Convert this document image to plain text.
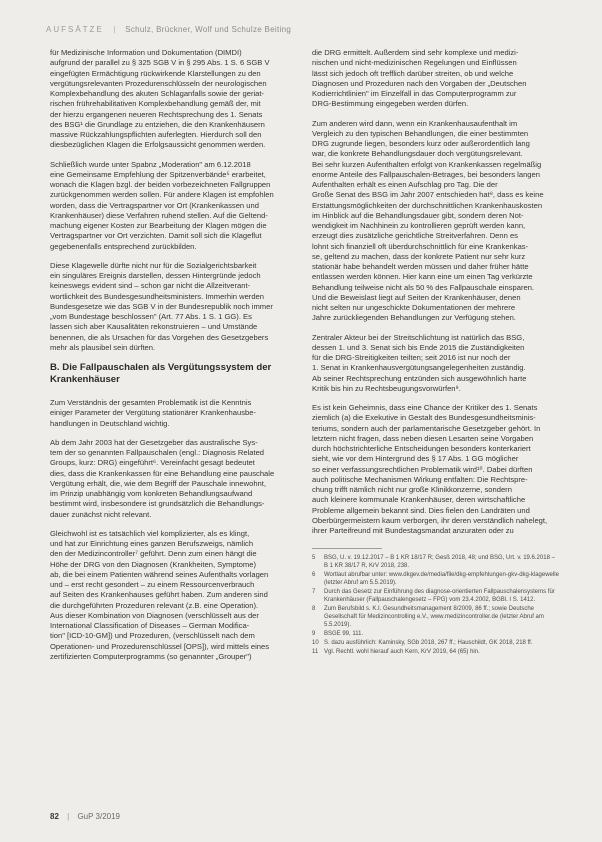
AUFSÄTZE | Schulz, Brückner, Wolf und Schulze Beiting
für Medizinische Information und Dokumentation (DIMDI)
aufgrund der parallel zu § 325 SGB V in § 295 Abs. 1 S. 6 SGB V
eingefügten Ermächtigung rückwirkende Klarstellungen zu den
vergütungsrelevanten Prozedurenschlüsseln der neurologischen
Komplexbehandlung des akuten Schlaganfalls sowie der geriat-
rischen frührehabilitativen Komplexbehandlung gemäß der, mit
der hierzu ergangenen neueren Rechtsprechung des 1. Senats
des BSG¹ die Grundlage zu entziehen, die den Krankenhäusern
massive Rückzahlungspflichten auferlegten. Hierdurch soll den
diesbezüglichen Klagen die Erfolgsaussicht genommen werden.
Schließlich wurde unter Spabnz „Moderation" am 6.12.2018
eine Gemeinsame Empfehlung der Spitzenverbände⁵ erarbeitet,
wonach die Klagen bzgl. der beiden vorbezeichneten Fallgruppen
zurückgenommen werden sollen. Für andere Klagen ist empfohlen
worden, dass die Vertragspartner vor Ort (Krankenkassen und
Krankenhäuser) diese Verfahren ruhend stellen. Auf die Geltend-
machung eigener Kosten zur Bearbeitung der Klagen mögen die
Vertragspartner vor Ort verzichten. Damit soll sich die Klageflut
gegebenenfalls entsprechend zurückbilden.
Diese Klagewelle dürfte nicht nur für die Sozialgerichtsbarkeit
ein singuläres Ereignis darstellen, dessen Hintergründe jedoch
keineswegs evident sind – schon gar nicht die Allzeitverant-
wortlichkeit des Bundesgesundheitsministers. Immerhin werden
Bundesgesetze wie das SGB V in der Bundesrepublik noch immer
„vom Bundestage beschlossen" (Art. 77 Abs. 1 S. 1 GG). Es
lassen sich aber Kausalitäten rekonstruieren – und Umstände
benennen, die als Ursachen für das Vorgehen des Gesetzgebers
mehr als plausibel sein dürften.
B. Die Fallpauschalen als Vergütungssystem der Krankenhäuser
Zum Verständnis der gesamten Problematik ist die Kenntnis
einiger Parameter der Vergütung stationärer Krankenhausbe-
handlungen in Deutschland wichtig.
Ab dem Jahr 2003 hat der Gesetzgeber das australische Sys-
tem der so genannten Fallpauschalen (engl.: Diagnosis Related
Groups, kurz: DRG) eingeführt⁶. Vereinfacht gesagt bedeutet
dies, dass die Krankenkassen für eine Behandlung eine pauschale
Vergütung erhält, die, wie dem Begriff der Pauschale innewohnt,
im Prinzip unabhängig vom konkreten Behandlungsaufwand
bestimmt wird, insbesondere ist grundsätzlich die Behandlungs-
dauer zunächst nicht relevant.
Gleichwohl ist es tatsächlich viel komplizierter, als es klingt,
und hat zur Einrichtung eines ganzen Berufszweigs, nämlich
den der Medizincontroller⁷ geführt. Denn zum einen hängt die
Höhe der DRG von den Diagnosen (Krankheiten, Symptome)
ab, die bei einem Patienten während seines Aufenthalts vorlagen
und – erst recht gesondert – zu einem Ressourcenverbrauch
auf Seiten des Krankenhauses geführt haben. Zum anderen sind
die durchgeführten Prozeduren relevant (z.B. eine Operation).
Aus dieser Kombination von Diagnosen (verschlüsselt aus der
International Classification of Diseases – German Modifica-
tion" [ICD-10-GM]) und Prozeduren, (verschlüsselt nach dem
Operationen- und Prozedurenschlüssel [OPS]), wird mittels eines
zertifizierten Computerprogramms (so genannter „Grouper")
die DRG ermittelt. Außerdem sind sehr komplexe und medizi-
nischen und nicht-medizinischen Regelungen und Einflüssen
lässt sich jedoch oft trefflich darüber streiten, ob und welche
Diagnosen und Prozeduren nach den Vorgaben der „Deutschen
Kodierrichtlinien" im Einzelfall in das Computerprogramm zur
DRG-Bestimmung eingegeben werden dürfen.
Zum anderen wird dann, wenn ein Krankenhausaufenthalt im
Vergleich zu den typischen Behandlungen, die einer bestimmten
DRG zugrunde liegen, besonders kurz oder außerordentlich lang
war, die konkrete Behandlungsdauer doch vergütungsrelevant.
Bei sehr kurzen Aufenthalten erfolgt von Krankenkassen regelmäßig
enorme Anteile des Fallpauschalen-Betrages, bei besonders langen
Aufenthalten erhält es einen Aufschlag pro Tag. Die der
Große Senat des BSG im Jahr 2007 entschieden hat⁸, dass es keine
Erstattungsmöglichkeiten der durchschnittlichen Krankenhauskosten
im Hinblick auf die Behandlungsdauer gibt, sondern deren Not-
wendigkeit im Nachhinein zu kontrollieren geprüft werden kann,
erzeugt dies zusätzliche gerichtliche Streitverfahren. Denn es
lohnt sich finanziell oft überdurchschnittlich für eine Krankenkas-
se, geltend zu machen, dass der konkrete Patient nur sehr kurz
stationär habe behandelt werden müssen und daher früher hätte
entlassen werden können. Hier kann eine um einen Tag verkürzte
Behandlung teilweise nicht als 50 % des Fallpauschale einsparen.
Und die Beweislast liegt auf Seiten der Krankenhäuser, denen
nicht selten nur ungeschickte Dokumentationen der mehrere
Jahre zurückliegenden Behandlungen zur Verfügung stehen.
Zentraler Akteur bei der Streitschlichtung ist natürlich das BSG,
dessen 1. und 3. Senat sich bis Ende 2015 die Zuständigkeiten
für die DRG-Streitigkeiten teilten; seit 2016 ist nur noch der
1. Senat in Krankenhausvergütungsangelegenheiten zuständig.
Ab seiner Rechtsprechung entzünden sich ausgewöhnlich harte
Kritik bis hin zu Rechtsbeugungsvorwürfen⁹.
Es ist kein Geheimnis, dass eine Chance der Kritiker des 1. Senats
ziemlich (a) die Exekutive in Gestalt des Bundesgesundheitsminis-
teriums, sondern auch der parlamentarische Gesetzgeber gehört. In
letztern nicht fragen, dass neben diesen Lesarten seine Vorgaben
durch höchstrichterliche Entscheidungen besonders konterkariert
sieht, wie vor dem Hintergrund des § 17 Abs. 1 GG möglicher
so einer verfassungsrechtlichen Problematik wird¹⁰. Dabei dürften
auch politische Mechanismen Wirkung entfalten: Die Rechtspre-
chung trifft nämlich nicht nur große Klinikkonzerne, sondern
auch kleinere kommunale Krankenhäuser, deren wirtschaftliche
Probleme allgemein bekannt sind. Dies fielen den Landräten und
Oberbürgermeistern kaum verborgen, ihr deren verständlich nahelegt,
ihrer Parteifreund mit Bundestagsmandat anzuraten oder zu
5	BSG, U. v. 19.12.2017 – B 1 KR 18/17 R; Gesß 2018, 48; und BSG, Urt. v. 19.6.2018 – B 1 KR 38/17 R, KrV 2018, 238.
6	Wortlaut abrufbar unter: www.dkgev.de/media/file/dkg-empfehlungen-gkv-dkg-klagewelle (letzter Abruf am 5.5.2019).
7	Durch das Gesetz zur Einführung des diagnose-orientierten Fallpauschalensystems für Krankenhäuser (Fallpauschalengesetz – FPG) vom 23.4.2002, BGBl. I S. 1412.
8	Zum Berufsbild s. K.I. Gesundheitsmanagement 8/2009, 86 ff.; sowie Deutsche Gesellschaft für Medizincontrolling e.V., www.medizincontroller.de (letzter Abruf am 5.5.2019).
9	BSGE 99, 111.
10 S. dazu ausführlich: Kaminsky, SGb 2018, 267 ff.; Hauschildt, GK 2018, 218 ff.
11 Vgl. Rechtl. wohl hierauf auch Kern, KrV 2019, 64 (65) hin.
82 | GuP 3/2019
